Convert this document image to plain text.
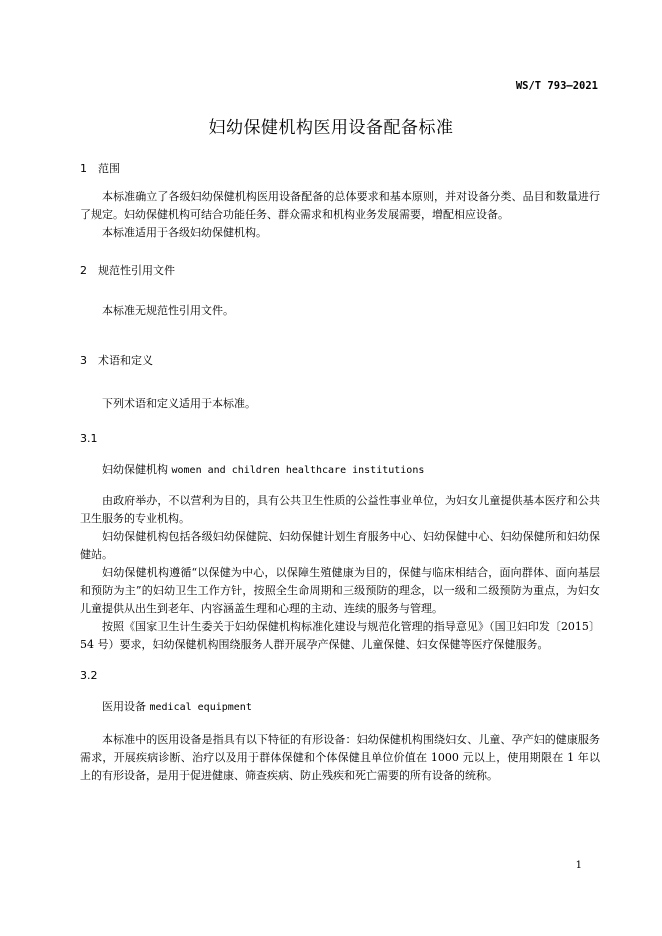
WS/T 793—2021
妇幼保健机构医用设备配备标准
1 范围

本标准确立了各级妇幼保健机构医用设备配备的总体要求和基本原则，并对设备分类、品目和数量进行了规定。妇幼保健机构可结合功能任务、群众需求和机构业务发展需要，增配相应设备。

本标准适用于各级妇幼保健机构。

2 规范性引用文件

本标准无规范性引用文件。

3 术语和定义

下列术语和定义适用于本标准。

3.1
妇幼保健机构 women and children healthcare institutions

由政府举办，不以营利为目的，具有公共卫生性质的公益性事业单位，为妇女儿童提供基本医疗和公共卫生服务的专业机构。

妇幼保健机构包括各级妇幼保健院、妇幼保健计划生育服务中心、妇幼保健中心、妇幼保健所和妇幼保健站。

妇幼保健机构遵循“以保健为中心，以保障生殖健康为目的，保健与临床相结合，面向群体、面向基层和预防为主”的妇幼卫生工作方针，按照全生命周期和三级预防的理念，以一级和二级预防为重点，为妇女儿童提供从出生到老年、内容涵盖生理和心理的主动、连续的服务与管理。

按照《国家卫生计生委关于妇幼保健机构标准化建设与规范化管理的指导意见》（国卫妇印发〔2015〕54 号）要求，妇幼保健机构围绕服务人群开展孕产保健、儿童保健、妇女保健等医疗保健服务。

3.2
医用设备 medical equipment

本标准中的医用设备是指具有以下特征的有形设备：妇幼保健机构围绕妇女、儿童、孕产妇的健康服务需求，开展疾病诊断、治疗以及用于群体保健和个体保健且单位价值在 1000 元以上，使用期限在 1 年以上的有形设备，是用于促进健康、筛查疾病、防止残疾和死亡需要的所有设备的统称。

1
